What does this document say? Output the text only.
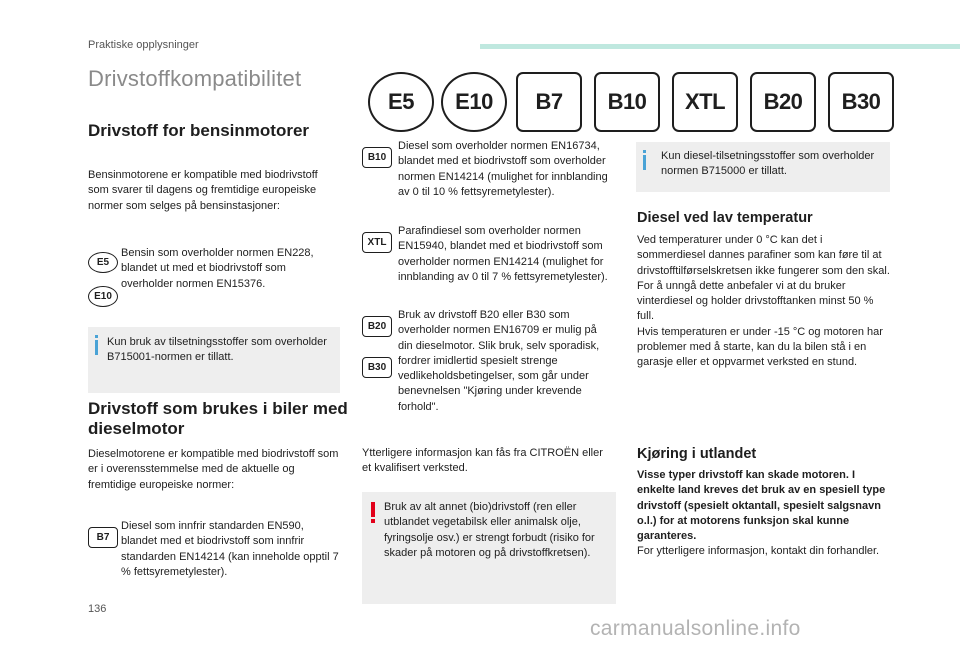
Praktiske opplysninger
Drivstoffkompatibilitet
E5	E10	B7	B10	XTL	B20	B30
Drivstoff for bensinmotorer
Bensinmotorene er kompatible med biodrivstoff som svarer til dagens og fremtidige europeiske normer som selges på bensinstasjoner:
E5
E10
Bensin som overholder normen EN228, blandet ut med et biodrivstoff som overholder normen EN15376.
Kun bruk av tilsetningsstoffer som overholder B715001-normen er tillatt.
Drivstoff som brukes i biler med dieselmotor
Dieselmotorene er kompatible med biodrivstoff som er i overensstemmelse med de aktuelle og fremtidige europeiske normer:
B7
Diesel som innfrir standarden EN590, blandet med et biodrivstoff som innfrir standarden EN14214 (kan inneholde opptil 7 % fettsyremetylester).
B10
Diesel som overholder normen EN16734, blandet med et biodrivstoff som overholder normen EN14214 (mulighet for innblanding av 0 til 10 % fettsyremetylester).
XTL
Parafindiesel som overholder normen EN15940, blandet med et biodrivstoff som overholder normen EN14214 (mulighet for innblanding av 0 til 7 % fettsyremetylester).
B20
B30
Bruk av drivstoff B20 eller B30 som overholder normen EN16709 er mulig på din dieselmotor. Slik bruk, selv sporadisk, fordrer imidlertid spesielt strenge vedlikeholdsbetingelser, som går under benevnelsen "Kjøring under krevende forhold".
Ytterligere informasjon kan fås fra CITROËN eller et kvalifisert verksted.
Bruk av alt annet (bio)drivstoff (ren eller utblandet vegetabilsk eller animalsk olje, fyringsolje osv.) er strengt forbudt (risiko for skader på motoren og på drivstoffkretsen).
Kun diesel-tilsetningsstoffer som overholder normen B715000 er tillatt.
Diesel ved lav temperatur
Ved temperaturer under 0 °C kan det i sommerdiesel dannes parafiner som kan føre til at drivstofftilførselskretsen ikke fungerer som den skal. For å unngå dette anbefaler vi at du bruker vinterdiesel og holder drivstofftanken minst 50 % full.
Hvis temperaturen er under -15 °C og motoren har problemer med å starte, kan du la bilen stå i en garasje eller et oppvarmet verksted en stund.
Kjøring i utlandet
Visse typer drivstoff kan skade motoren. I enkelte land kreves det bruk av en spesiell type drivstoff (spesielt oktantall, spesielt salgsnavn o.l.) for at motorens funksjon skal kunne garanteres.
For ytterligere informasjon, kontakt din forhandler.
136
carmanualsonline.info
